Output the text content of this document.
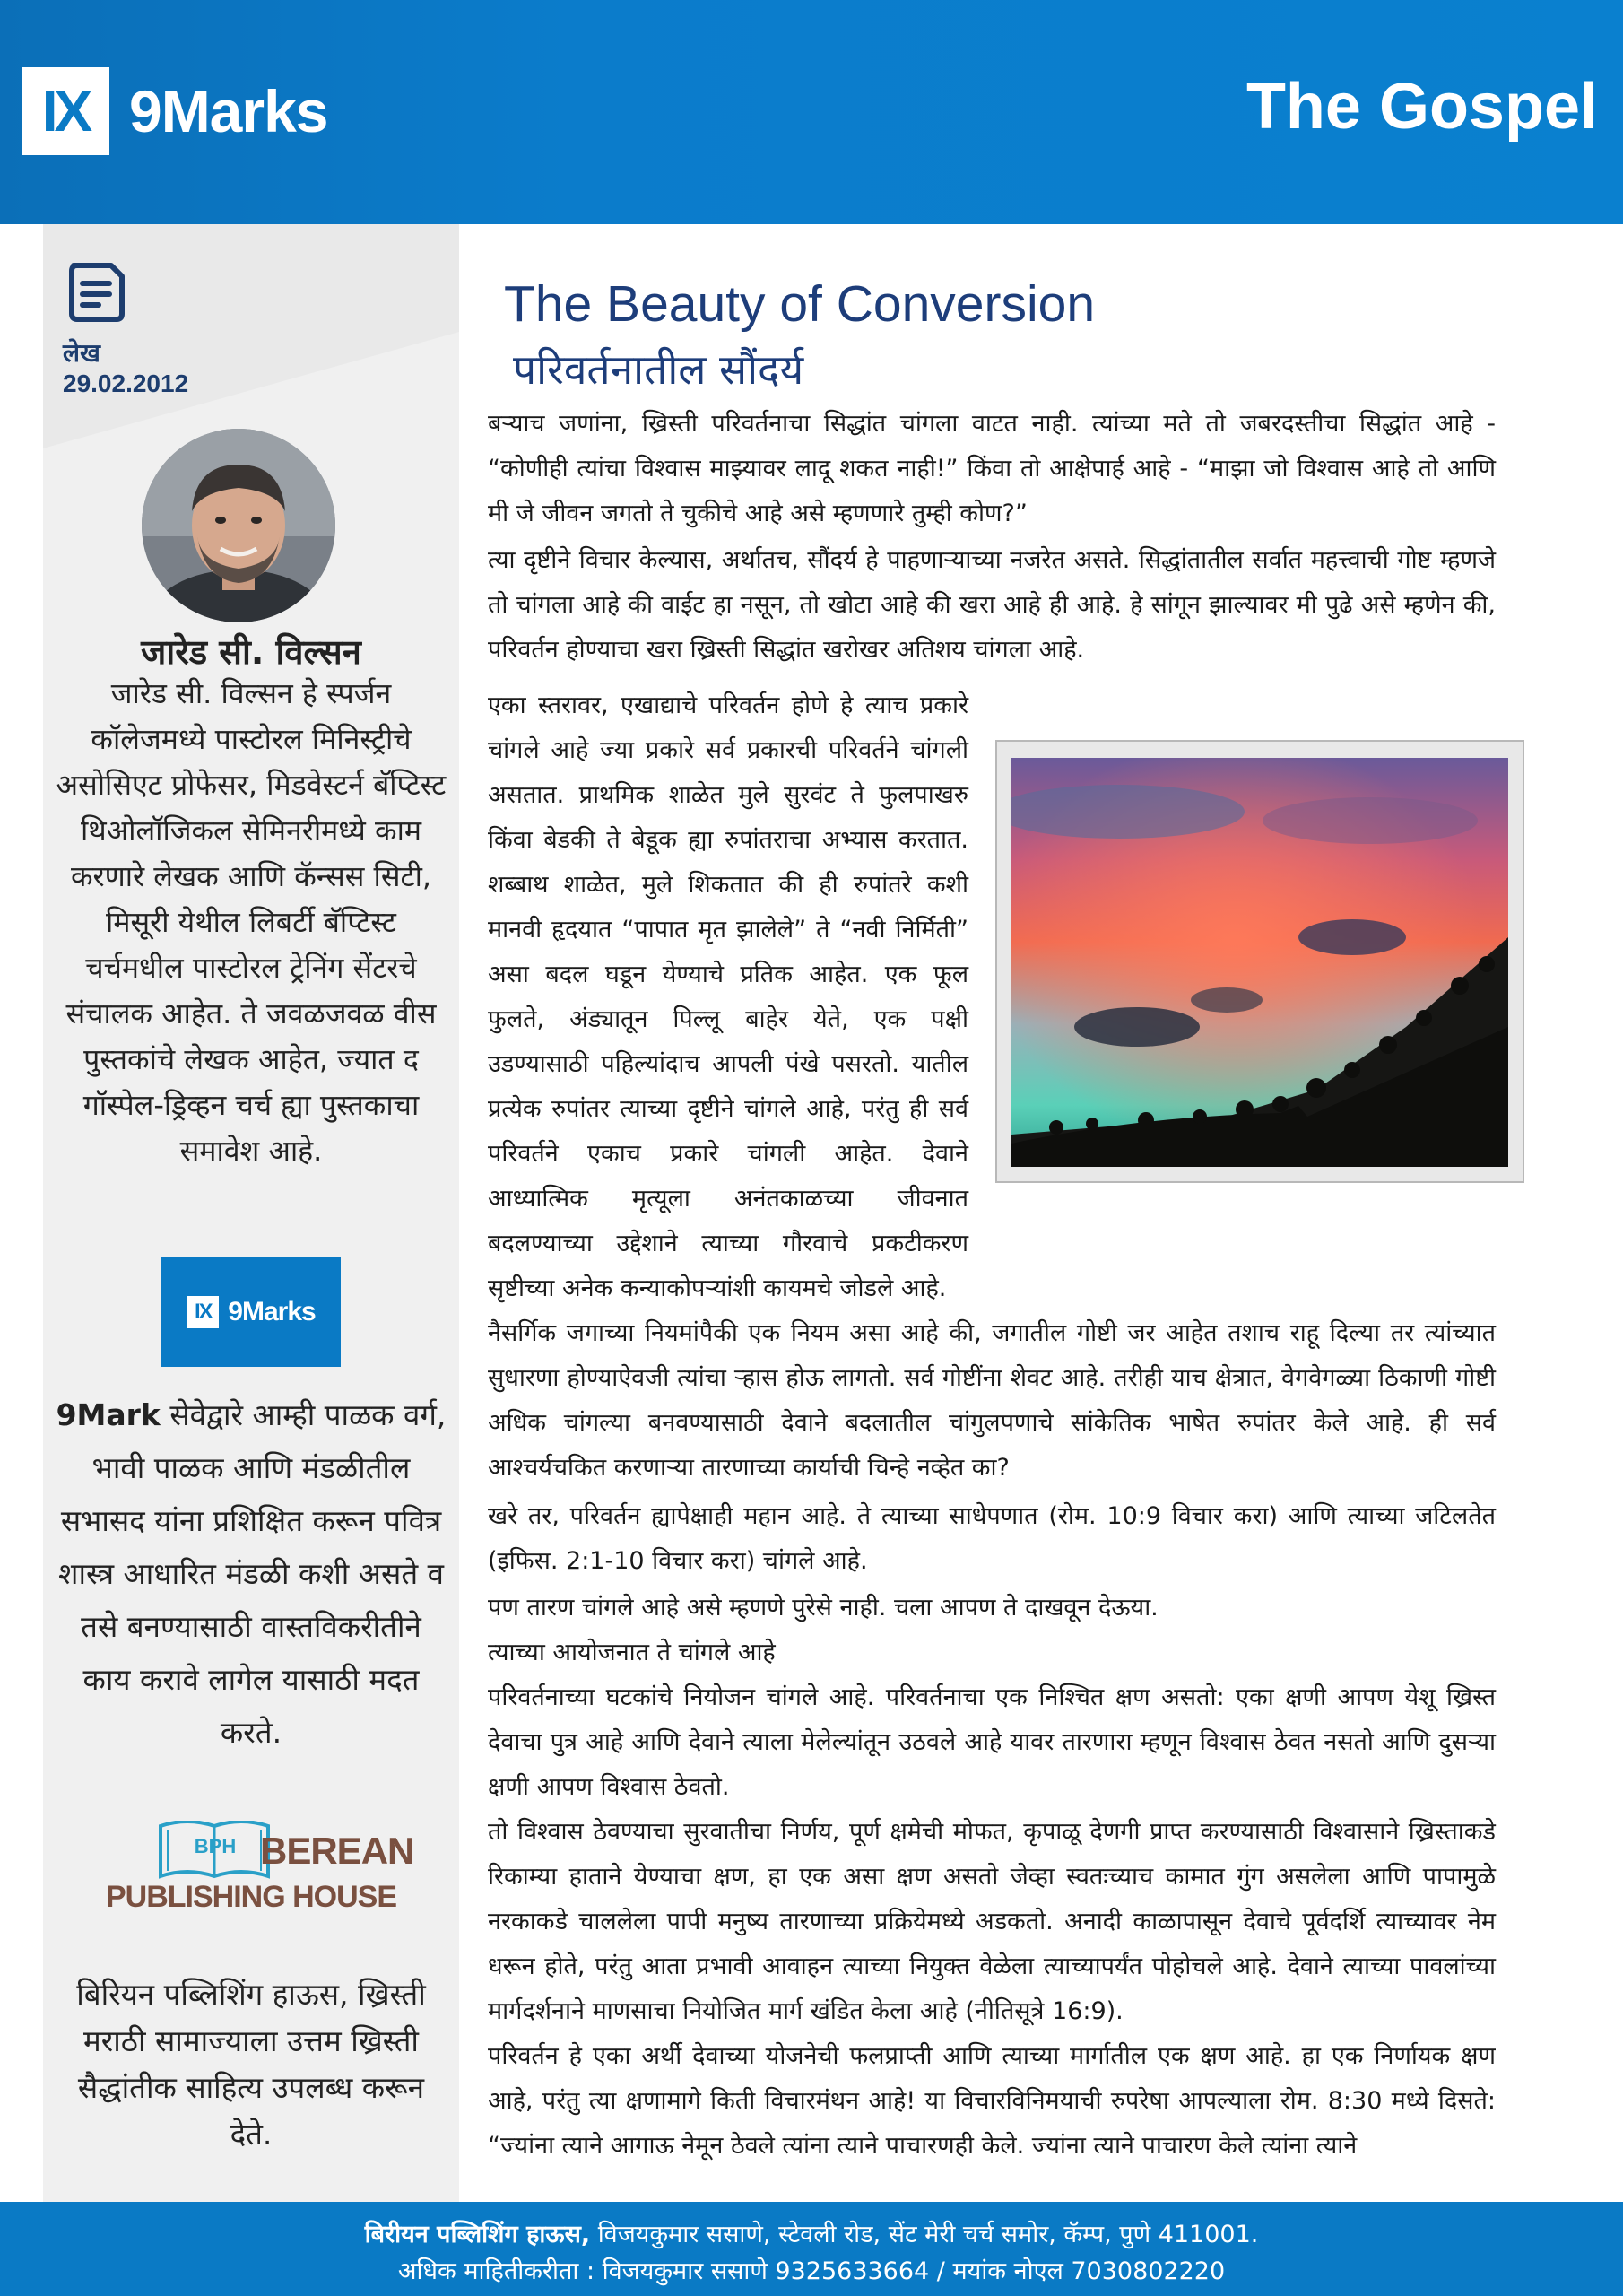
IX 9Marks	The Gospel
लेख
29.02.2012
जारेड सी. विल्सन
जारेड सी. विल्सन हे स्पर्जन कॉलेजमध्ये पास्टोरल मिनिस्ट्रीचे असोसिएट प्रोफेसर, मिडवेस्टर्न बॅप्टिस्ट थिओलॉजिकल सेमिनरीमध्ये काम करणारे लेखक आणि कॅन्सस सिटी, मिसूरी येथील लिबर्टी बॅप्टिस्ट चर्चमधील पास्टोरल ट्रेनिंग सेंटरचे संचालक आहेत. ते जवळजवळ वीस पुस्तकांचे लेखक आहेत, ज्यात द गॉस्पेल-ड्रिव्हन चर्च ह्या पुस्तकाचा समावेश आहे.
IX 9Marks
9Mark सेवेद्वारे आम्ही पाळक वर्ग, भावी पाळक आणि मंडळीतील सभासद यांना प्रशिक्षित करून पवित्र शास्त्र आधारित मंडळी कशी असते व तसे बनण्यासाठी वास्तविकरीतीने काय करावे लागेल यासाठी मदत करते.
BPH BEREAN
PUBLISHING HOUSE
बिरियन पब्लिशिंग हाऊस, ख्रिस्ती मराठी सामाज्याला उत्तम ख्रिस्ती सैद्धांतीक साहित्य उपलब्ध करून देते.
The Beauty of Conversion
परिवर्तनातील सौंदर्य
बऱ्याच जणांना, ख्रिस्ती परिवर्तनाचा सिद्धांत चांगला वाटत नाही. त्यांच्या मते तो जबरदस्तीचा सिद्धांत आहे - “कोणीही त्यांचा विश्वास माझ्यावर लादू शकत नाही!” किंवा तो आक्षेपार्ह आहे - “माझा जो विश्वास आहे तो आणि मी जे जीवन जगतो ते चुकीचे आहे असे म्हणणारे तुम्ही कोण?”
त्या दृष्टीने विचार केल्यास, अर्थातच, सौंदर्य हे पाहणाऱ्याच्या नजरेत असते. सिद्धांतातील सर्वात महत्त्वाची गोष्ट म्हणजे तो चांगला आहे की वाईट हा नसून, तो खोटा आहे की खरा आहे ही आहे. हे सांगून झाल्यावर मी पुढे असे म्हणेन की, परिवर्तन होण्याचा खरा ख्रिस्ती सिद्धांत खरोखर अतिशय चांगला आहे.
एका स्तरावर, एखाद्याचे परिवर्तन होणे हे त्याच प्रकारे चांगले आहे ज्या प्रकारे सर्व प्रकारची परिवर्तने चांगली असतात. प्राथमिक शाळेत मुले सुरवंट ते फुलपाखरु किंवा बेडकी ते बेडूक ह्या रुपांतराचा अभ्यास करतात. शब्बाथ शाळेत, मुले शिकतात की ही रुपांतरे कशी मानवी हृदयात “पापात मृत झालेले” ते “नवी निर्मिती” असा बदल घडून येण्याचे प्रतिक आहेत. एक फूल फुलते, अंड्यातून पिल्लू बाहेर येते, एक पक्षी उडण्यासाठी पहिल्यांदाच आपली पंखे पसरतो. यातील प्रत्येक रुपांतर त्याच्या दृष्टीने चांगले आहे, परंतु ही सर्व परिवर्तने एकाच प्रकारे चांगली आहेत. देवाने आध्यात्मिक मृत्यूला अनंतकाळच्या जीवनात बदलण्याच्या उद्देशाने त्याच्या गौरवाचे प्रकटीकरण सृष्टीच्या अनेक कन्याकोपऱ्यांशी कायमचे जोडले आहे.
नैसर्गिक जगाच्या नियमांपैकी एक नियम असा आहे की, जगातील गोष्टी जर आहेत तशाच राहू दिल्या तर त्यांच्यात सुधारणा होण्याऐवजी त्यांचा ऱ्हास होऊ लागतो. सर्व गोष्टींना शेवट आहे. तरीही याच क्षेत्रात, वेगवेगळ्या ठिकाणी गोष्टी अधिक चांगल्या बनवण्यासाठी देवाने बदलातील चांगुलपणाचे सांकेतिक भाषेत रुपांतर केले आहे. ही सर्व आश्चर्यचकित करणाऱ्या तारणाच्या कार्याची चिन्हे नव्हेत का?
खरे तर, परिवर्तन ह्यापेक्षाही महान आहे. ते त्याच्या साधेपणात (रोम. 10:9 विचार करा) आणि त्याच्या जटिलतेत (इफिस. 2:1-10 विचार करा) चांगले आहे.
पण तारण चांगले आहे असे म्हणणे पुरेसे नाही. चला आपण ते दाखवून देऊया.
त्याच्या आयोजनात ते चांगले आहे
परिवर्तनाच्या घटकांचे नियोजन चांगले आहे. परिवर्तनाचा एक निश्चित क्षण असतो: एका क्षणी आपण येशू ख्रिस्त देवाचा पुत्र आहे आणि देवाने त्याला मेलेल्यांतून उठवले आहे यावर तारणारा म्हणून विश्वास ठेवत नसतो आणि दुसऱ्या क्षणी आपण विश्वास ठेवतो.
तो विश्वास ठेवण्याचा सुरवातीचा निर्णय, पूर्ण क्षमेची मोफत, कृपाळू देणगी प्राप्त करण्यासाठी विश्वासाने ख्रिस्ताकडे रिकाम्या हाताने येण्याचा क्षण, हा एक असा क्षण असतो जेव्हा स्वतःच्याच कामात गुंग असलेला आणि पापामुळे नरकाकडे चाललेला पापी मनुष्य तारणाच्या प्रक्रियेमध्ये अडकतो. अनादी काळापासून देवाचे पूर्वदर्शि त्याच्यावर नेम धरून होते, परंतु आता प्रभावी आवाहन त्याच्या नियुक्त वेळेला त्याच्यापर्यंत पोहोचले आहे. देवाने त्याच्या पावलांच्या मार्गदर्शनाने माणसाचा नियोजित मार्ग खंडित केला आहे (नीतिसूत्रे 16:9).
परिवर्तन हे एका अर्थी देवाच्या योजनेची फलप्राप्ती आणि त्याच्या मार्गातील एक क्षण आहे. हा एक निर्णायक क्षण आहे, परंतु त्या क्षणामागे किती विचारमंथन आहे! या विचारविनिमयाची रुपरेषा आपल्याला रोम. 8:30 मध्ये दिसते: “ज्यांना त्याने आगाऊ नेमून ठेवले त्यांना त्याने पाचारणही केले. ज्यांना त्याने पाचारण केले त्यांना त्याने
बिरीयन पब्लिशिंग हाऊस, विजयकुमार ससाणे, स्टेवली रोड, सेंट मेरी चर्च समोर, कॅम्प, पुणे 411001.
अधिक माहितीकरीता : विजयकुमार ससाणे 9325633664 / मयांक नोएल 7030802220
